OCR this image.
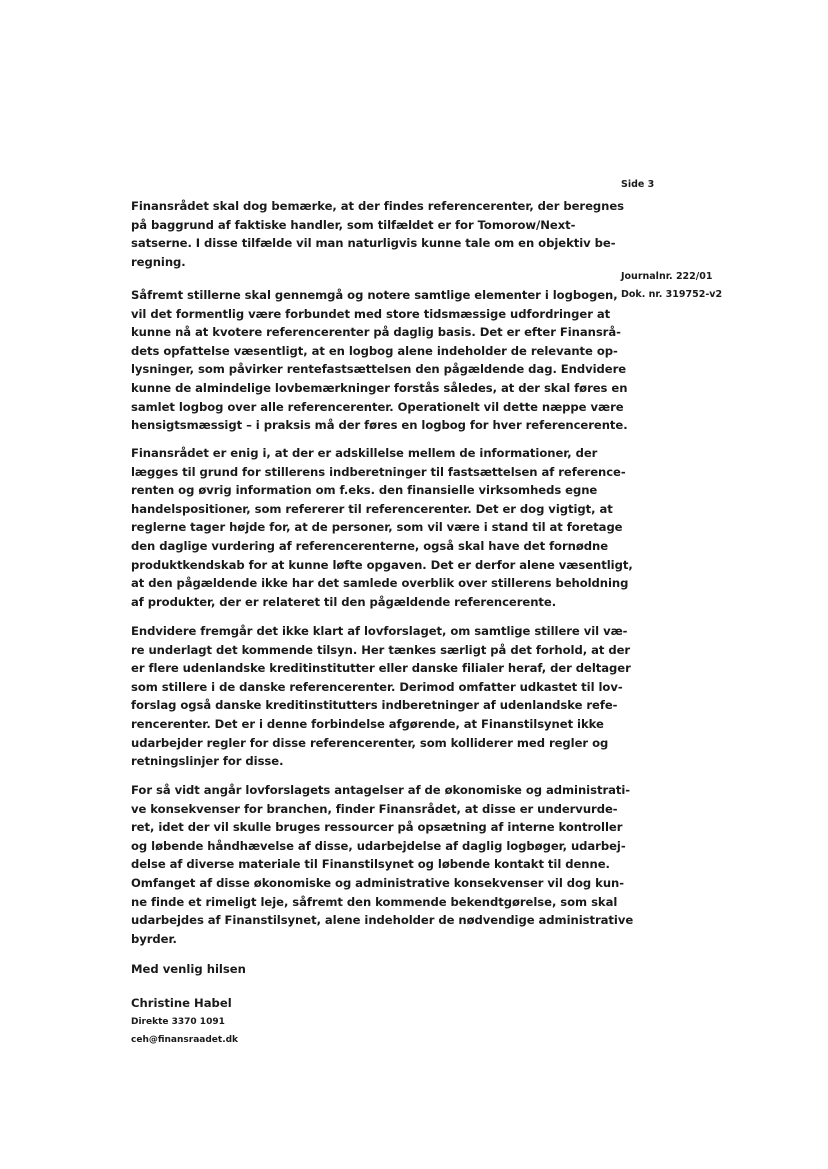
Side 3
Journalnr. 222/01
Dok. nr. 319752-v2
Finansrådet skal dog bemærke, at der findes referencerenter, der beregnes
på baggrund af faktiske handler, som tilfældet er for Tomorow/Next-
satserne. I disse tilfælde vil man naturligvis kunne tale om en objektiv be-
regning.
Såfremt stillerne skal gennemgå og notere samtlige elementer i logbogen,
vil det formentlig være forbundet med store tidsmæssige udfordringer at
kunne nå at kvotere referencerenter på daglig basis. Det er efter Finansrå-
dets opfattelse væsentligt, at en logbog alene indeholder de relevante op-
lysninger, som påvirker rentefastsættelsen den pågældende dag. Endvidere
kunne de almindelige lovbemærkninger forstås således, at der skal føres en
samlet logbog over alle referencerenter. Operationelt vil dette næppe være
hensigtsmæssigt – i praksis må der føres en logbog for hver referencerente.
Finansrådet er enig i, at der er adskillelse mellem de informationer, der
lægges til grund for stillerens indberetninger til fastsættelsen af reference-
renten og øvrig information om f.eks. den finansielle virksomheds egne
handelspositioner, som refererer til referencerenter. Det er dog vigtigt, at
reglerne tager højde for, at de personer, som vil være i stand til at foretage
den daglige vurdering af referencerenterne, også skal have det fornødne
produktkendskab for at kunne løfte opgaven. Det er derfor alene væsentligt,
at den pågældende ikke har det samlede overblik over stillerens beholdning
af produkter, der er relateret til den pågældende referencerente.
Endvidere fremgår det ikke klart af lovforslaget, om samtlige stillere vil væ-
re underlagt det kommende tilsyn. Her tænkes særligt på det forhold, at der
er flere udenlandske kreditinstitutter eller danske filialer heraf, der deltager
som stillere i de danske referencerenter. Derimod omfatter udkastet til lov-
forslag også danske kreditinstitutters indberetninger af udenlandske refe-
rencerenter. Det er i denne forbindelse afgørende, at Finanstilsynet ikke
udarbejder regler for disse referencerenter, som kolliderer med regler og
retningslinjer for disse.
For så vidt angår lovforslagets antagelser af de økonomiske og administrati-
ve konsekvenser for branchen, finder Finansrådet, at disse er undervurde-
ret, idet der vil skulle bruges ressourcer på opsætning af interne kontroller
og løbende håndhævelse af disse, udarbejdelse af daglig logbøger, udarbej-
delse af diverse materiale til Finanstilsynet og løbende kontakt til denne.
Omfanget af disse økonomiske og administrative konsekvenser vil dog kun-
ne finde et rimeligt leje, såfremt den kommende bekendtgørelse, som skal
udarbejdes af Finanstilsynet, alene indeholder de nødvendige administrative
byrder.
Med venlig hilsen
Christine Habel
Direkte 3370 1091
ceh@finansraadet.dk
